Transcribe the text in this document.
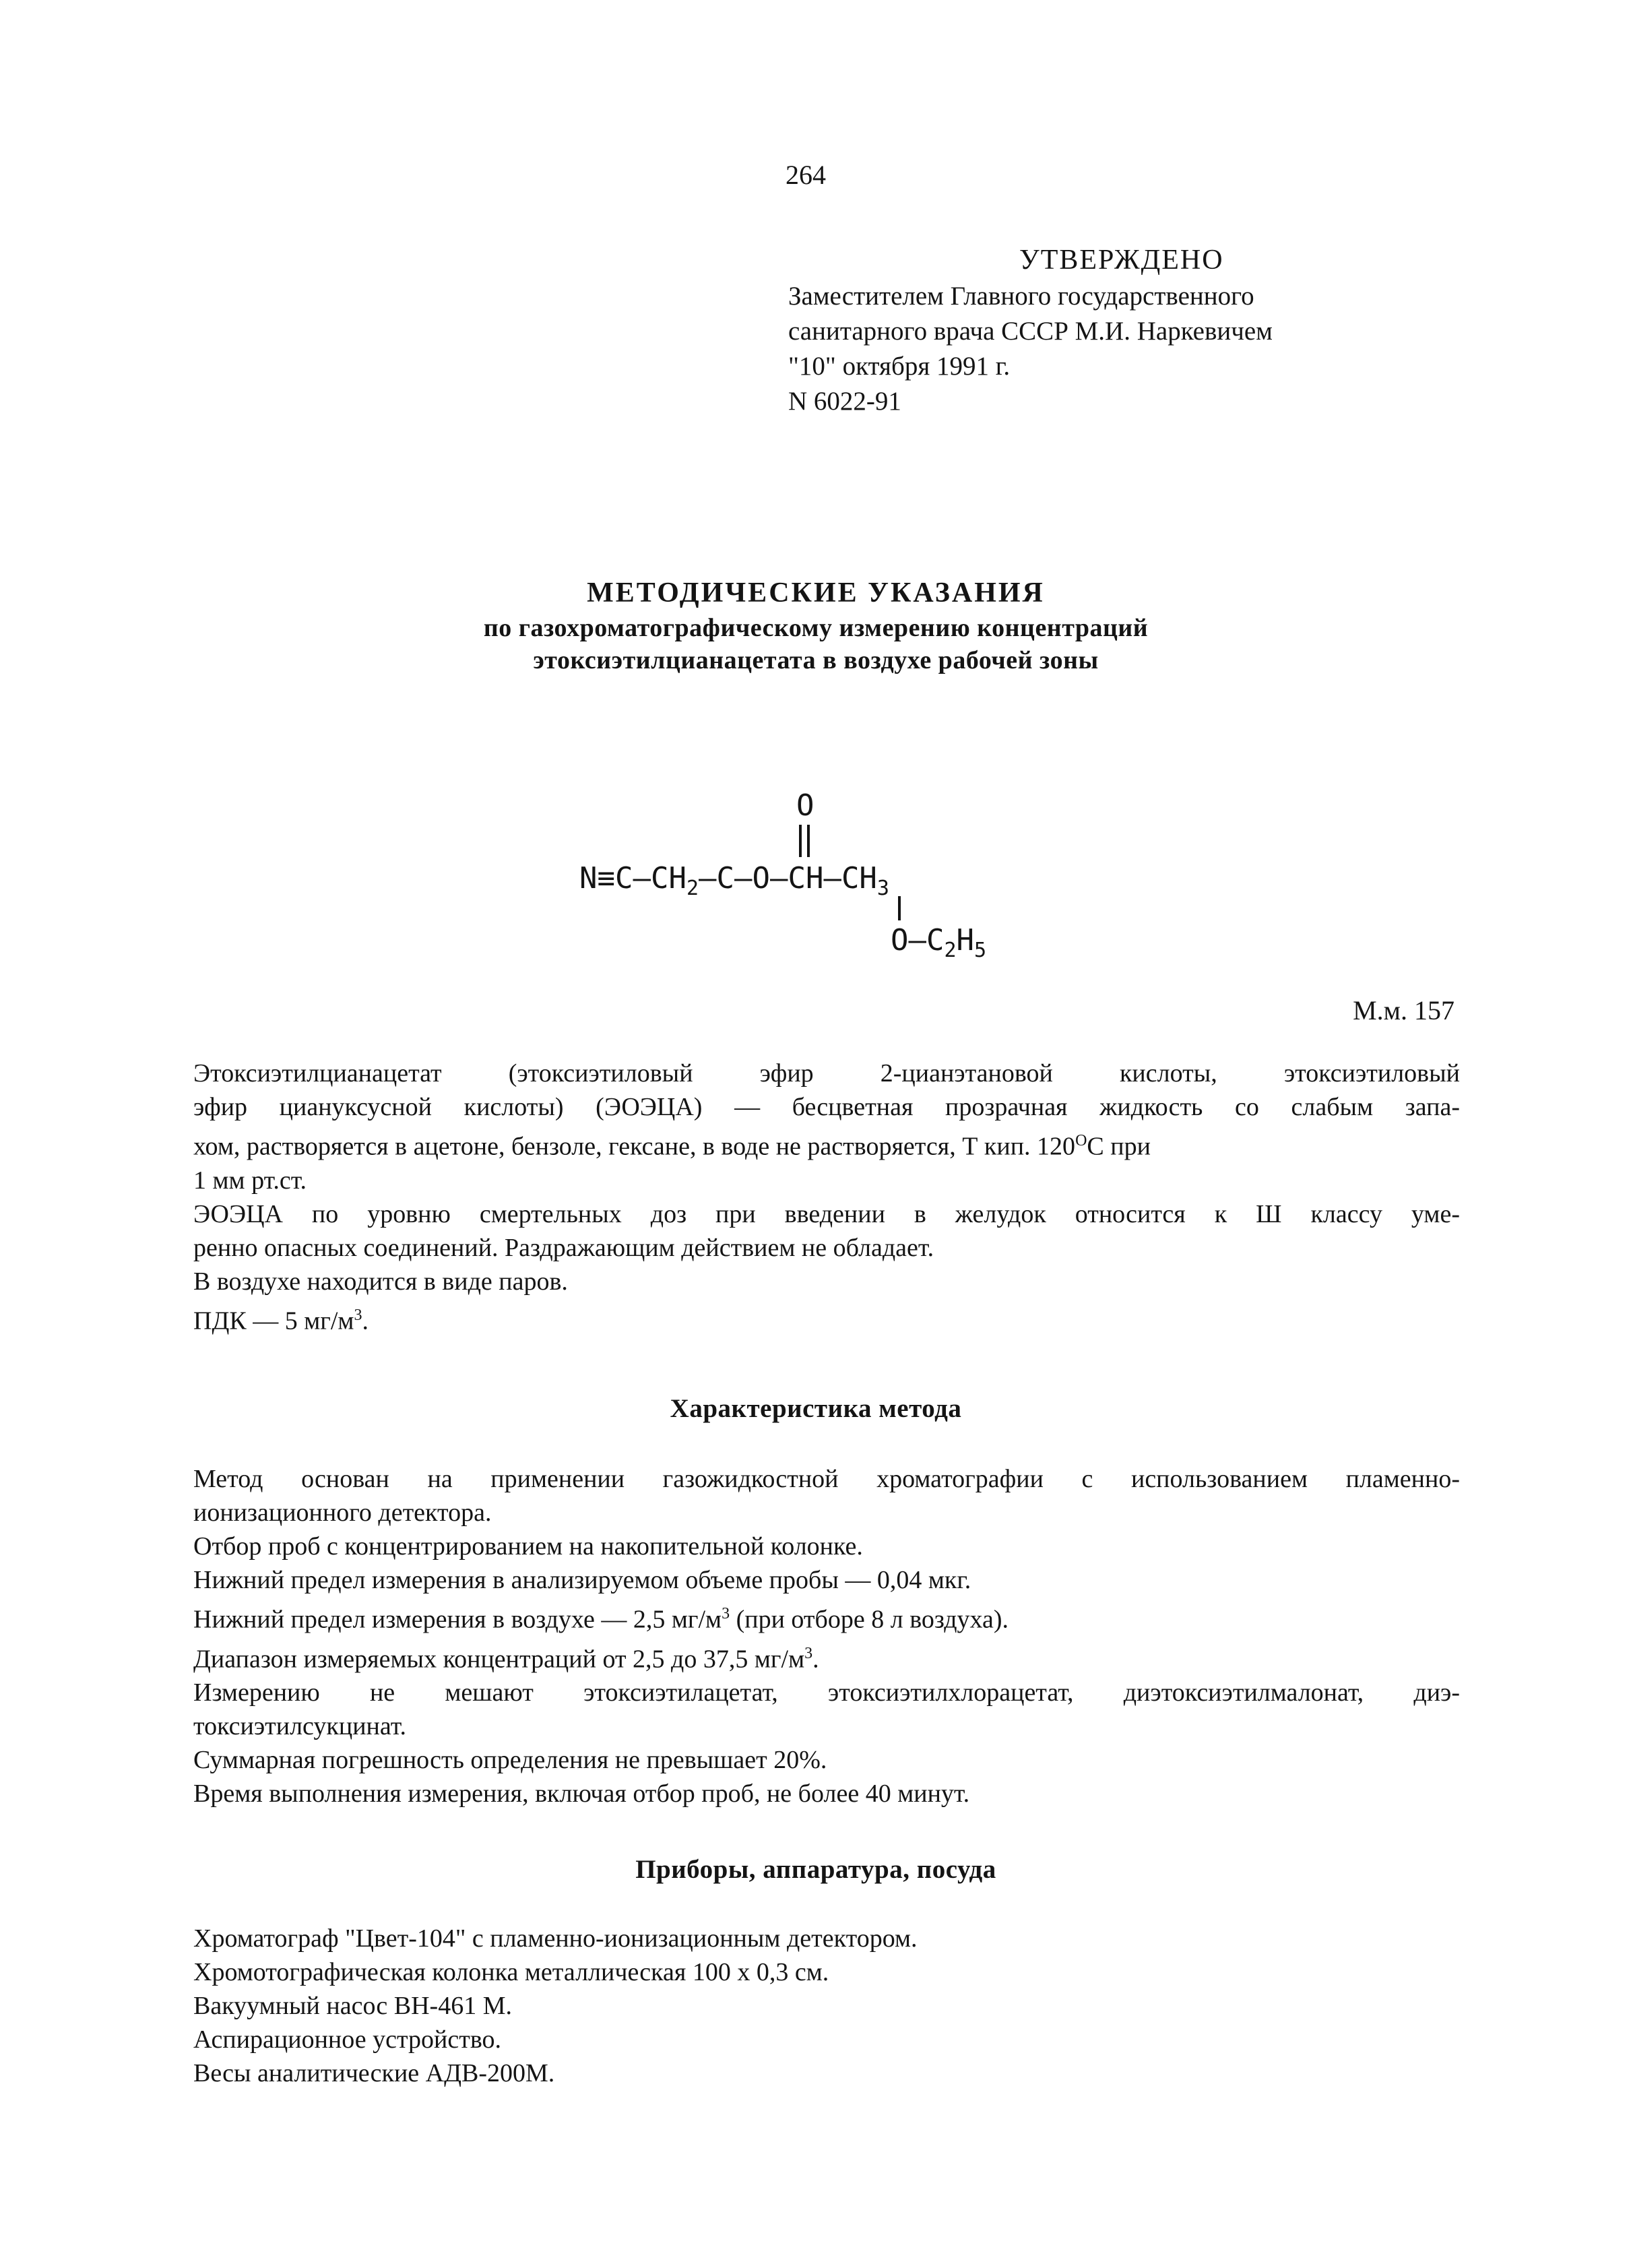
264
УТВЕРЖДЕНО
Заместителем Главного государственного
санитарного врача СССР М.И. Наркевичем
"10" октября 1991 г.
N 6022-91
МЕТОДИЧЕСКИЕ УКАЗАНИЯ
по газохроматографическому измерению концентраций
этоксиэтилцианацетата в воздухе рабочей зоны
O
$N\equiv C—CH_2—C—O—CH—CH_3$
$O—C_2H_5$
М.м. 157
Этоксиэтилцианацетат (этоксиэтиловый эфир 2-цианэтановой кислоты, этоксиэтиловый
эфир циануксусной кислоты) (ЭОЭЦА) — бесцветная прозрачная жидкость со слабым запа-
хом, растворяется в ацетоне, бензоле, гексане, в воде не растворяется, Т кип. $120^OС$ при
1 мм рт.ст.
ЭОЭЦА по уровню смертельных доз при введении в желудок относится к Ш классу уме-
ренно опасных соединений. Раздражающим действием не обладает.
В воздухе находится в виде паров.
ПДК — 5 $мг/м^3$.
Характеристика метода
Метод основан на применении газожидкостной хроматографии с использованием пламенно-
ионизационного детектора.
Отбор проб с концентрированием на накопительной колонке.
Нижний предел измерения в анализируемом объеме пробы — 0,04 мкг.
Нижний предел измерения в воздухе — 2,5 $мг/м^3$ (при отборе 8 л воздуха).
Диапазон измеряемых концентраций от 2,5 до 37,5 $мг/м^3$.
Измерению не мешают этоксиэтилацетат, этоксиэтилхлорацетат, диэтоксиэтилмалонат, диэ-
токсиэтилсукцинат.
Суммарная погрешность определения не превышает 20%.
Время выполнения измерения, включая отбор проб, не более 40 минут.
Приборы, аппаратура, посуда
Хроматограф "Цвет-104" с пламенно-ионизационным детектором.
Хромотографическая колонка металлическая 100 х 0,3 см.
Вакуумный насос ВН-461 М.
Аспирационное устройство.
Весы аналитические АДВ-200М.
